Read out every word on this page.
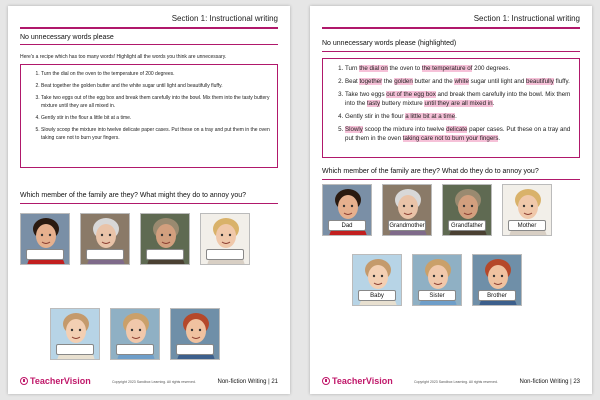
Section 1: Instructional writing
No unnecessary words please
Here's a recipe which has too many words! Highlight all the words you think are unnecessary.
1. Turn the dial on the oven to the temperature of 200 degrees.
2. Beat together the golden butter and the white sugar until light and beautifully fluffy.
3. Take two eggs out of the egg box and break them carefully into the bowl. Mix them into the tasty buttery mixture until they are all mixed in.
4. Gently stir in the flour a little bit at a time.
5. Slowly scoop the mixture into twelve delicate paper cases. Put these on a tray and put them in the oven taking care not to burn your fingers.
Which member of the family are they? What might they do to annoy you?
TeacherVision	Copyright 2023 Sandbox Learning. All rights reserved.	Non-fiction Writing | 21
Section 1: Instructional writing
No unnecessary words please (highlighted)
1. Turn the dial on the oven to the temperature of 200 degrees.
2. Beat together the golden butter and the white sugar until light and beautifully fluffy.
3. Take two eggs out of the egg box and break them carefully into the bowl. Mix them into the tasty buttery mixture until they are all mixed in.
4. Gently stir in the flour a little bit at a time.
5. Slowly scoop the mixture into twelve delicate paper cases. Put these on a tray and put them in the oven taking care not to burn your fingers.
Which member of the family are they? What do they do to annoy you?
Dad	Grandmother	Grandfather	Mother
Baby	Sister	Brother
TeacherVision	Copyright 2023 Sandbox Learning. All rights reserved.	Non-fiction Writing | 23
